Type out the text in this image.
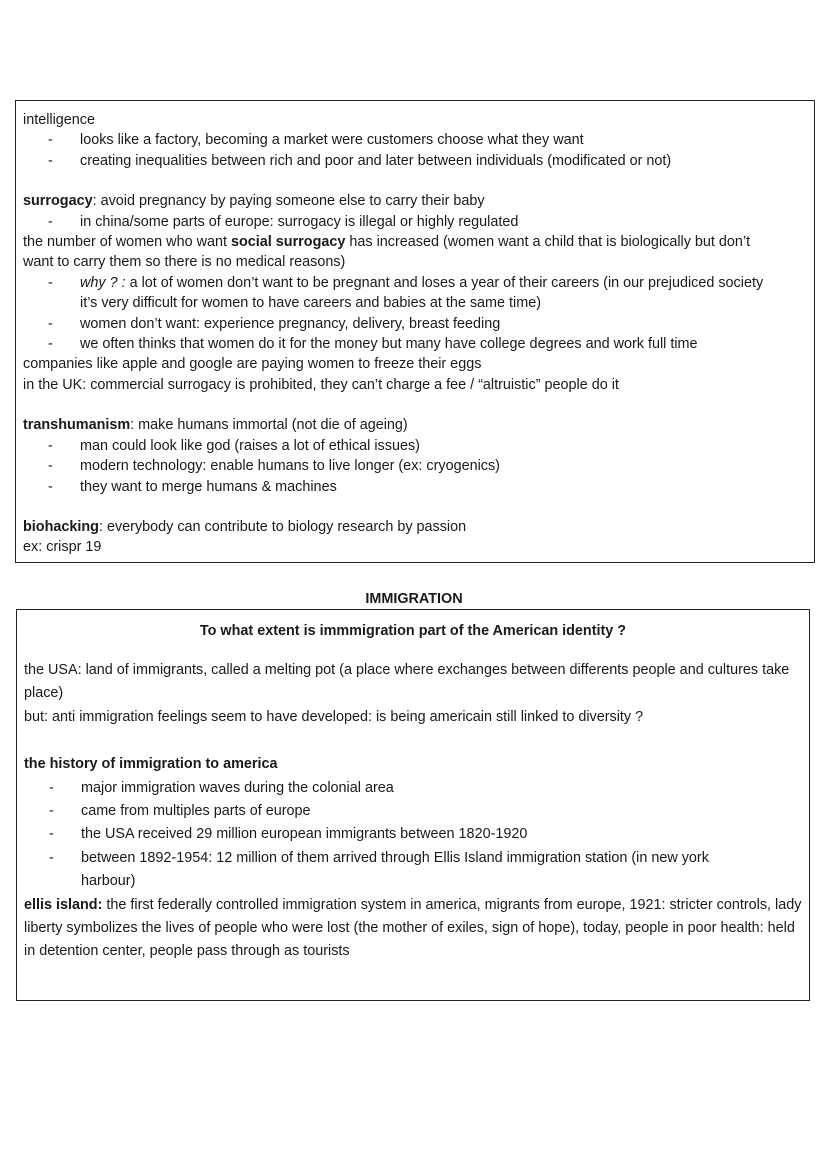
intelligence
- looks like a factory, becoming a market were customers choose what they want
- creating inequalities between rich and poor and later between individuals (modificated or not)
surrogacy: avoid pregnancy by paying someone else to carry their baby
- in china/some parts of europe: surrogacy is illegal or highly regulated
the number of women who want social surrogacy has increased (women want a child that is biologically but don’t
want to carry them so there is no medical reasons)
- why ? : a lot of women don’t want to be pregnant and loses a year of their careers (in our prejudiced society
it’s very difficult for women to have careers and babies at the same time)
- women don’t want: experience pregnancy, delivery, breast feeding
- we often thinks that women do it for the money but many have college degrees and work full time
companies like apple and google are paying women to freeze their eggs
in the UK: commercial surrogacy is prohibited, they can’t charge a fee / “altruistic” people do it
transhumanism: make humans immortal (not die of ageing)
- man could look like god (raises a lot of ethical issues)
- modern technology: enable humans to live longer (ex: cryogenics)
- they want to merge humans & machines
biohacking: everybody can contribute to biology research by passion
ex: crispr 19
IMMIGRATION
To what extent is immmigration part of the American identity ?
the USA: land of immigrants, called a melting pot (a place where exchanges between differents people and cultures take place)
but: anti immigration feelings seem to have developed: is being americain still linked to diversity ?
the history of immigration to america
- major immigration waves during the colonial area
- came from multiples parts of europe
- the USA received 29 million european immigrants between 1820-1920
- between 1892-1954: 12 million of them arrived through Ellis Island immigration station (in new york harbour)
ellis island: the first federally controlled immigration system in america, migrants from europe, 1921: stricter controls, lady liberty symbolizes the lives of people who were lost (the mother of exiles, sign of hope), today, people in poor health: held in detention center, people pass through as tourists
